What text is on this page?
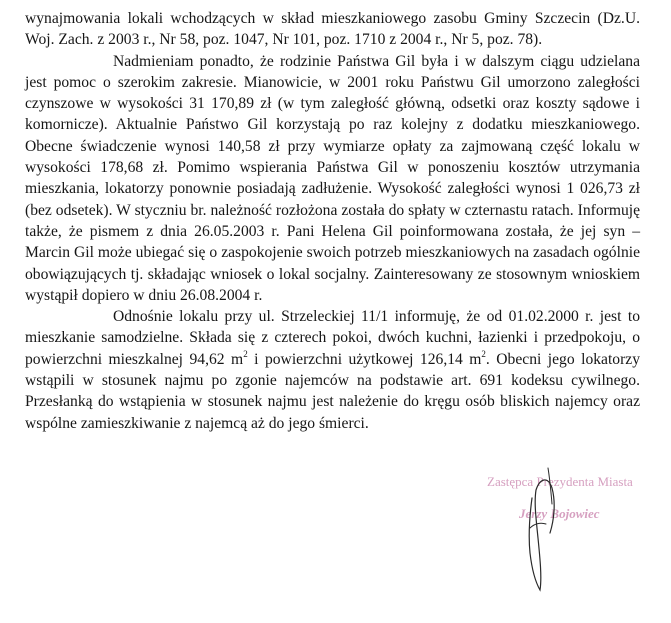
wynajmowania lokali wchodzących w skład mieszkaniowego zasobu Gminy Szczecin (Dz.U. Woj. Zach. z 2003 r., Nr 58, poz. 1047, Nr 101, poz. 1710 z 2004 r., Nr 5, poz. 78).

Nadmieniam ponadto, że rodzinie Państwa Gil była i w dalszym ciągu udzielana jest pomoc o szerokim zakresie. Mianowicie, w 2001 roku Państwu Gil umorzono zaległości czynszowe w wysokości 31 170,89 zł (w tym zaległość główną, odsetki oraz koszty sądowe i komornicze). Aktualnie Państwo Gil korzystają po raz kolejny z dodatku mieszkaniowego. Obecne świadczenie wynosi 140,58 zł przy wymiarze opłaty za zajmowaną część lokalu w wysokości 178,68 zł. Pomimo wspierania Państwa Gil w ponoszeniu kosztów utrzymania mieszkania, lokatorzy ponownie posiadają zadłużenie. Wysokość zaległości wynosi 1 026,73 zł (bez odsetek). W styczniu br. należność rozłożona została do spłaty w czternastu ratach. Informuję także, że pismem z dnia 26.05.2003 r. Pani Helena Gil poinformowana została, że jej syn – Marcin Gil może ubiegać się o zaspokojenie swoich potrzeb mieszkaniowych na zasadach ogólnie obowiązujących tj. składając wniosek o lokal socjalny. Zainteresowany ze stosownym wnioskiem wystąpił dopiero w dniu 26.08.2004 r.

Odnośnie lokalu przy ul. Strzeleckiej 11/1 informuję, że od 01.02.2000 r. jest to mieszkanie samodzielne. Składa się z czterech pokoi, dwóch kuchni, łazienki i przedpokoju, o powierzchni mieszkalnej 94,62 $m^2$ i powierzchni użytkowej 126,14 $m^2$. Obecni jego lokatorzy wstąpili w stosunek najmu po zgonie najemców na podstawie art. 691 kodeksu cywilnego. Przesłanką do wstąpienia w stosunek najmu jest należenie do kręgu osób bliskich najemcy oraz wspólne zamieszkiwanie z najemcą aż do jego śmierci.

Zastępca Prezydenta Miasta
Jerzy Bojowiec
